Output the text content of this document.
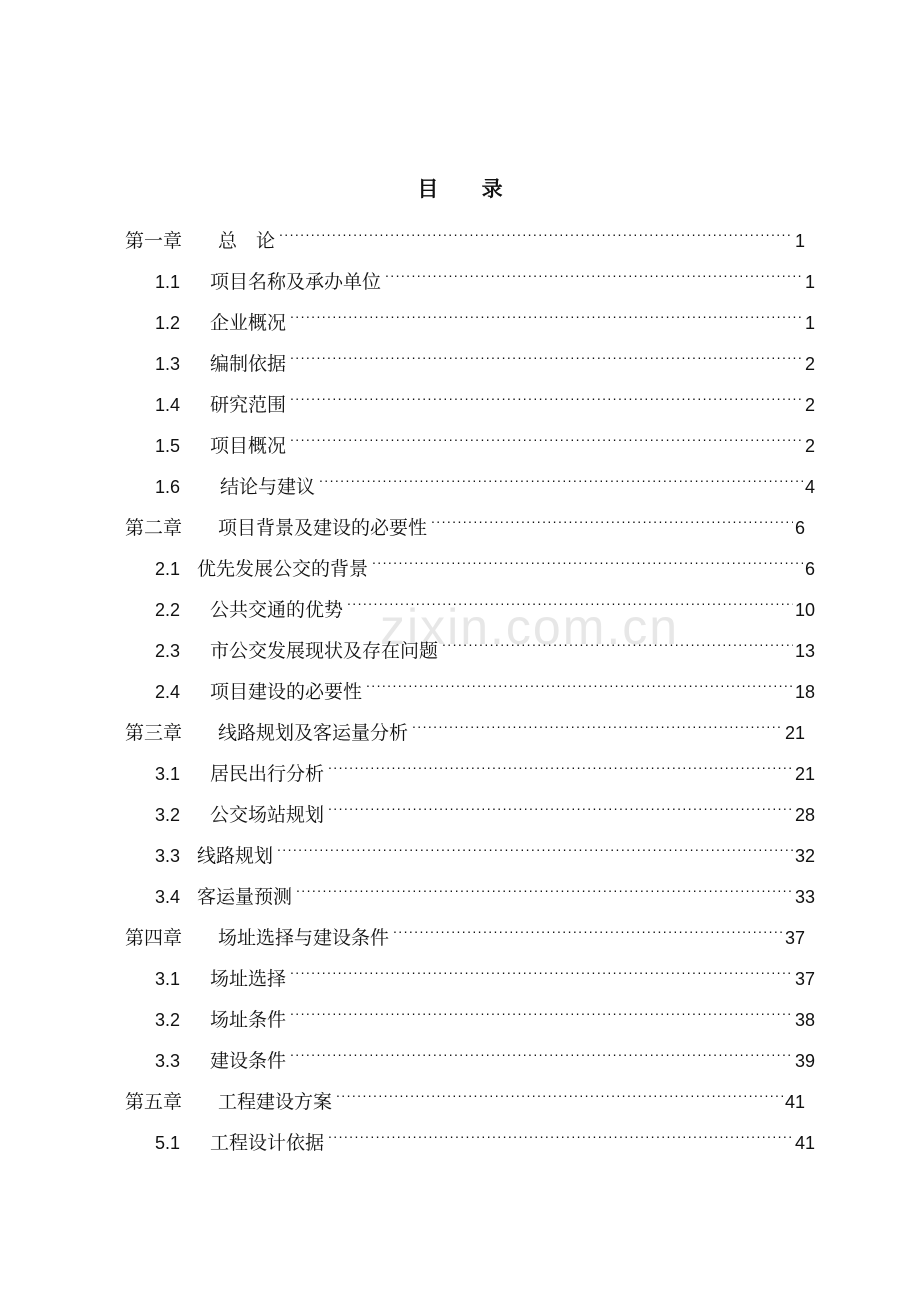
目 录
zixin.com.cn
第一章	总　论 .....	1
1.1	项目名称及承办单位 .....	1
1.2	企业概况 .....	1
1.3	编制依据 .....	2
1.4	研究范围 .....	2
1.5	项目概况 .....	2
1.6	结论与建议 .....	4
第二章	项目背景及建设的必要性 .....	6
2.1 优先发展公交的背景 .....	6
2.2	公共交通的优势 .....	10
2.3	市公交发展现状及存在问题 .....	13
2.4	项目建设的必要性 .....	18
第三章	线路规划及客运量分析 .....	21
3.1	居民出行分析 .....	21
3.2	公交场站规划 .....	28
3.3 线路规划 .....	32
3.4 客运量预测 .....	33
第四章	场址选择与建设条件 .....	37
3.1	场址选择 .....	37
3.2	场址条件 .....	38
3.3	建设条件 .....	39
第五章	工程建设方案 .....	41
5.1	工程设计依据 .....	41
